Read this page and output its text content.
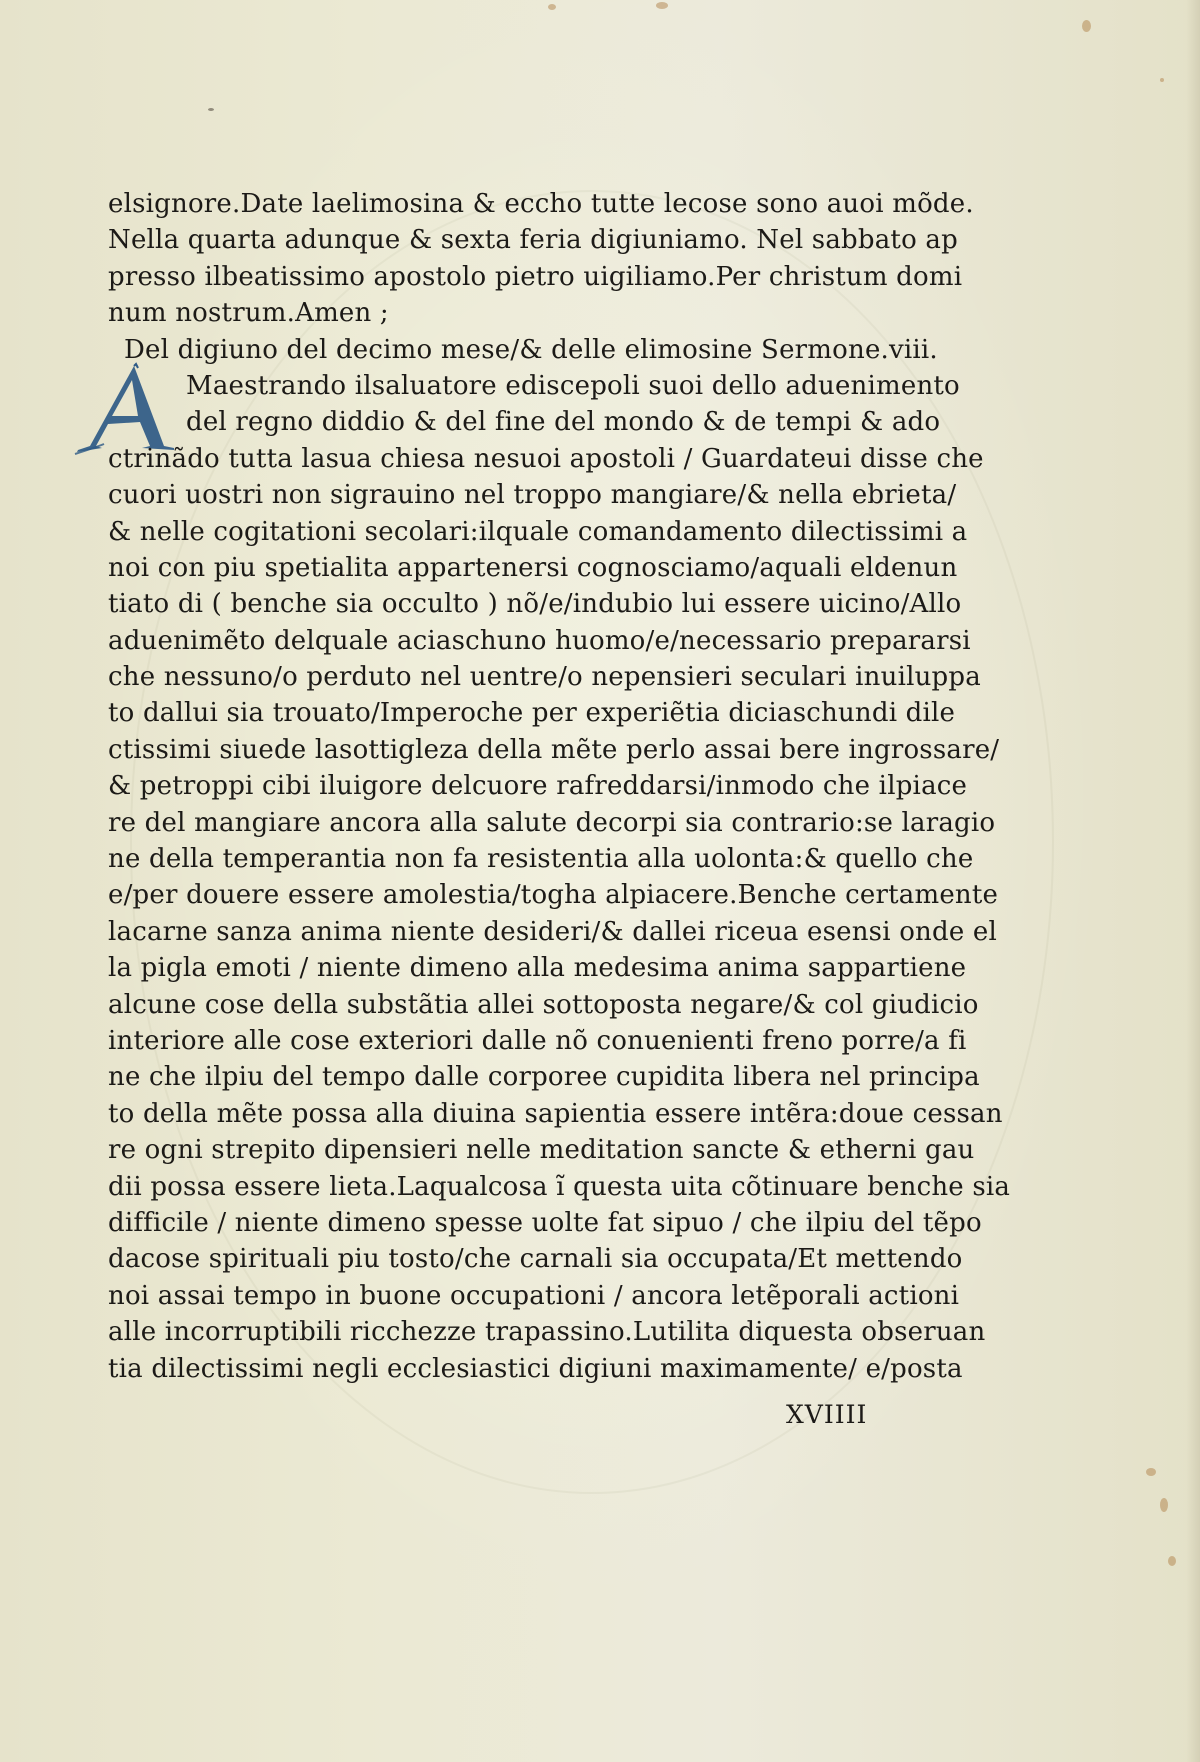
elsignore.Date laelimosina & eccho tutte lecose sono auoi mõde.
Nella quarta adunque & sexta feria digiuniamo. Nel sabbato ap
presso ilbeatissimo apostolo pietro uigiliamo.Per christum domi
num nostrum.Amen ;
Del digiuno del decimo mese/& delle elimosine Sermone.viii.
Maestrando ilsaluatore ediscepoli suoi dello aduenimento
del regno diddio & del fine del mondo & de tempi & ado
ctrinãdo tutta lasua chiesa nesuoi apostoli / Guardateui disse che
cuori uostri non sigrauino nel troppo mangiare/& nella ebrieta/
& nelle cogitationi secolari:ilquale comandamento dilectissimi a
noi con piu spetialita appartenersi cognosciamo/aquali eldenun
tiato di ( benche sia occulto ) nõ/e/indubio lui essere uicino/Allo
aduenimẽto delquale aciaschuno huomo/e/necessario prepararsi
che nessuno/o perduto nel uentre/o nepensieri seculari inuiluppa
to dallui sia trouato/Imperoche per experiẽtia diciaschundi dile
ctissimi siuede lasottigleza della mẽte perlo assai bere ingrossare/
& petroppi cibi iluigore delcuore rafreddarsi/inmodo che ilpiace
re del mangiare ancora alla salute decorpi sia contrario:se laragio
ne della temperantia non fa resistentia alla uolonta:& quello che
e/per douere essere amolestia/togha alpiacere.Benche certamente
lacarne sanza anima niente desideri/& dallei riceua esensi onde el
la pigla emoti / niente dimeno alla medesima anima sappartiene
alcune cose della substãtia allei sottoposta negare/& col giudicio
interiore alle cose exteriori dalle nõ conuenienti freno porre/a fi
ne che ilpiu del tempo dalle corporee cupidita libera nel principa
to della mẽte possa alla diuina sapientia essere intẽra:doue cessan
re ogni strepito dipensieri nelle meditation sancte & etherni gau
dii possa essere lieta.Laqualcosa ĩ questa uita cõtinuare benche sia
difficile / niente dimeno spesse uolte fat sipuo / che ilpiu del tẽpo
dacose spirituali piu tosto/che carnali sia occupata/Et mettendo
noi assai tempo in buone occupationi / ancora letẽporali actioni
alle incorruptibili ricchezze trapassino.Lutilita diquesta obseruan
tia dilectissimi negli ecclesiastici digiuni maximamente/ e/posta
XVIIII
